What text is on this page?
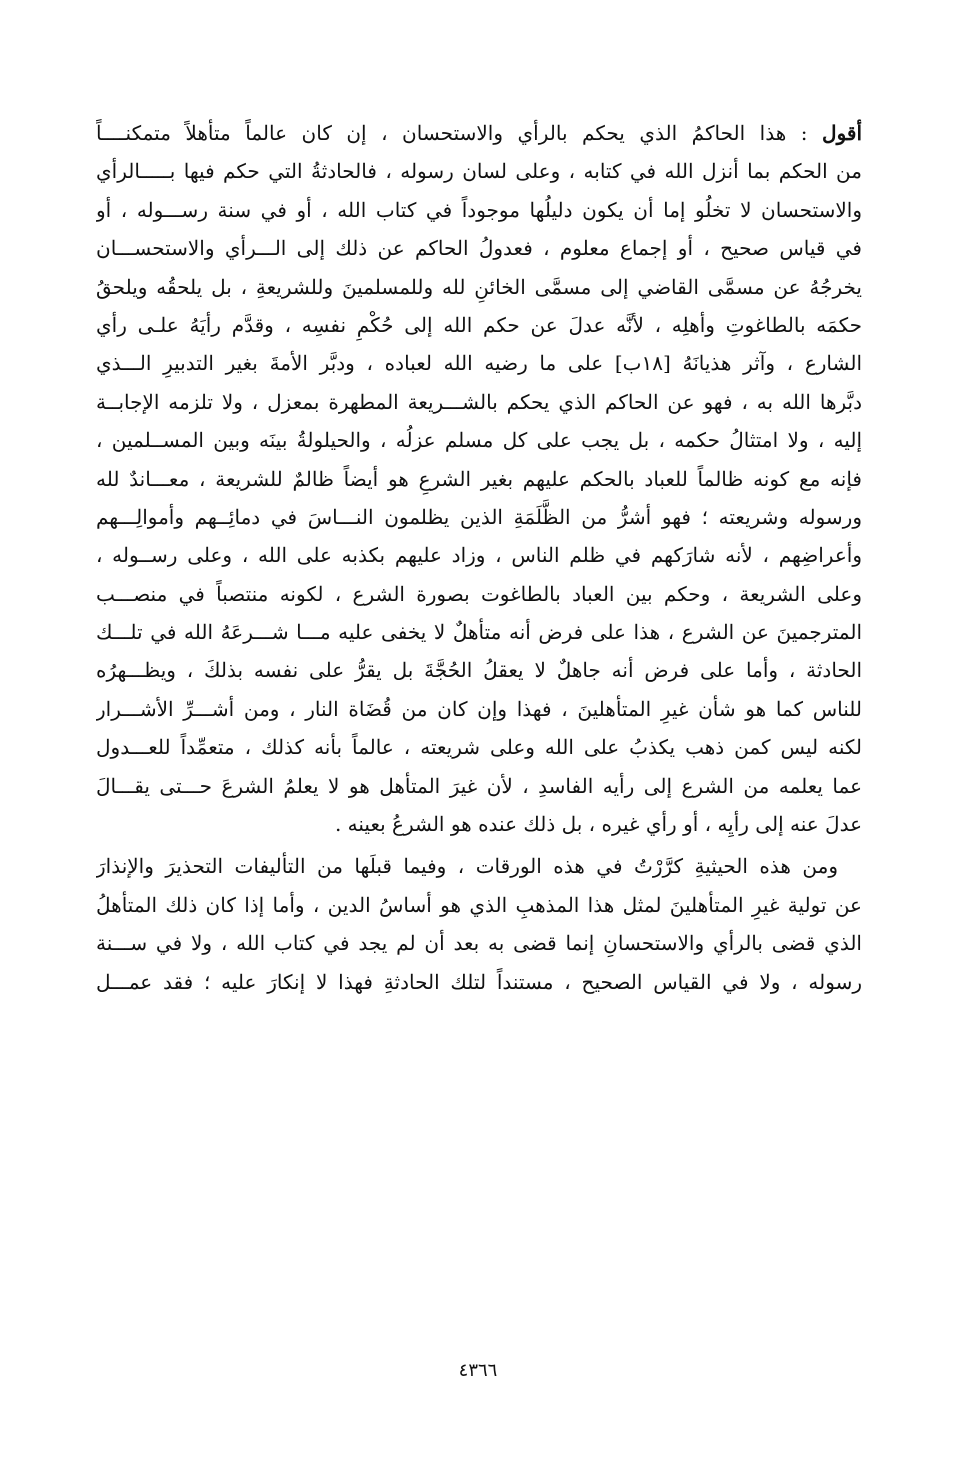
أقول : هذا الحاكمُ الذي يحكم بالرأي والاستحسان ، إن كان عالماً متأهلاً متمكنــــاً
من الحكم بما أنزل الله في كتابه ، وعلى لسان رسوله ، فالحادثةُ التي حكم فيها بـــــالرأي
والاستحسان لا تخلُو إما أن يكون دليلُها موجوداً في كتاب الله ، أو في سنة رســـوله ، أو
في قياس صحيح ، أو إجماع معلوم ، فعدولُ الحاكم عن ذلك إلى الـــرأي والاستحســـان
يخرجُهُ عن مسمَّى القاضي إلى مسمَّى الخائنِ لله وللمسلمينَ وللشريعةِ ، بل يلحقُه ويلحقُ
حكمَه بالطاغوتِ وأهلِه ، لأنَّه عدلَ عن حكم الله إلى حُكْمِ نفسِه ، وقدَّم رأيَهُ علـى رأي
الشارع ، وآثر هذيانَهُ [١٨ب] على ما رضيه الله لعباده ، ودبَّر الأمةَ بغير التدبيرِ الـــذي
دبَّرها الله به ، فهو عن الحاكم الذي يحكم بالشـــريعة المطهرة بمعزل ، ولا تلزمه الإجابــة
إليه ، ولا امتثالُ حكمه ، بل يجب على كل مسلم عزلُه ، والحيلولةُ بينَه وبين المســلمين ،
فإنه مع كونه ظالماً للعباد بالحكم عليهم بغير الشرعِ هو أيضاً ظالمٌ للشريعة ، معـــاندٌ لله
ورسوله وشريعته ؛ فهو أشرُّ من الظَّلَمَةِ الذين يظلمون النـــاسَ في دمائِــهم وأموالِـــهم
وأعراضِهم ، لأنه شارَكهم في ظلم الناس ، وزاد عليهم بكذبه على الله ، وعلى رســوله ،
وعلى الشريعة ، وحكم بين العباد بالطاغوت بصورة الشرع ، لكونه منتصباً في منصـــب
المترجمينَ عن الشرع ، هذا على فرض أنه متأهلٌ لا يخفى عليه مـــا شـــرعَهُ الله في تلـــك
الحادثة ، وأما على فرض أنه جاهلٌ لا يعقلُ الحُجَّةَ بل يقرُّ على نفسه بذلكَ ، ويظـــهرُه
للناس كما هو شأن غيرِ المتأهلينَ ، فهذا وإن كان من قُضَاة النار ، ومن أشـــرِّ الأشـــرار
لكنه ليس كمن ذهب يكذبُ على الله وعلى شريعته ، عالماً بأنه كذلك ، متعمِّداً للعـــدول
عما يعلمه من الشرع إلى رأيه الفاسدِ ، لأن غيرَ المتأهل هو لا يعلمُ الشرعَ حـــتى يقـــالَ
عدلَ عنه إلى رأيِه ، أو رأي غيره ، بل ذلك عنده هو الشرعُ بعينه .
ومن هذه الحيثيةِ كرَّرْتُ في هذه الورقات ، وفيما قبلَها من التأليفات التحذيرَ والإنذارَ
عن تولية غيرِ المتأهلينَ لمثل هذا المذهبِ الذي هو أساسُ الدين ، وأما إذا كان ذلك المتأهلُ
الذي قضى بالرأي والاستحسانِ إنما قضى به بعد أن لم يجد في كتاب الله ، ولا في ســـنة
رسوله ، ولا في القياس الصحيح ، مستنداً لتلك الحادثةِ فهذا لا إنكارَ عليه ؛ فقد عمـــل
٤٣٦٦
